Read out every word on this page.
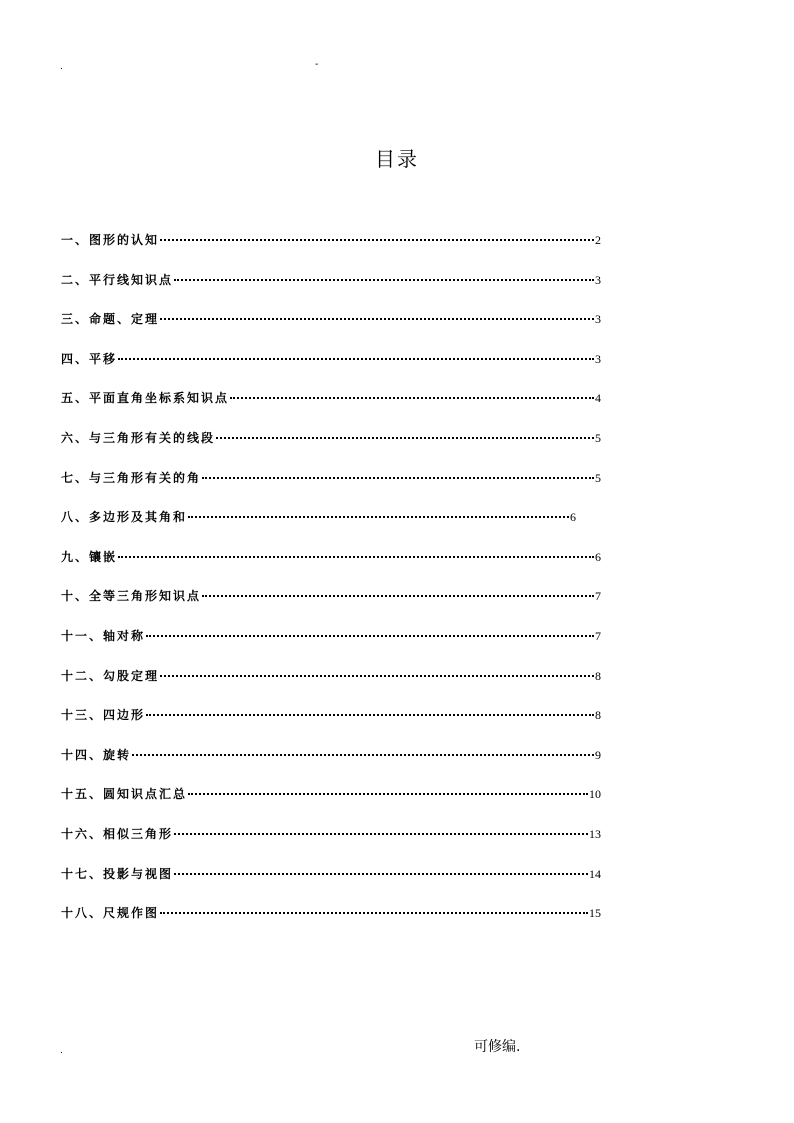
.	-
目录
一、图形的认知	2
二、平行线知识点	3
三、命题、定理	3
四、平移	3
五、平面直角坐标系知识点	4
六、与三角形有关的线段	5
七、与三角形有关的角	5
八、多边形及其角和	6
九、镶嵌	6
十、全等三角形知识点	7
十一、轴对称	7
十二、勾股定理	8
十三、四边形	8
十四、旋转	9
十五、圆知识点汇总	10
十六、相似三角形	13
十七、投影与视图	14
十八、尺规作图	15
.	可修编.
